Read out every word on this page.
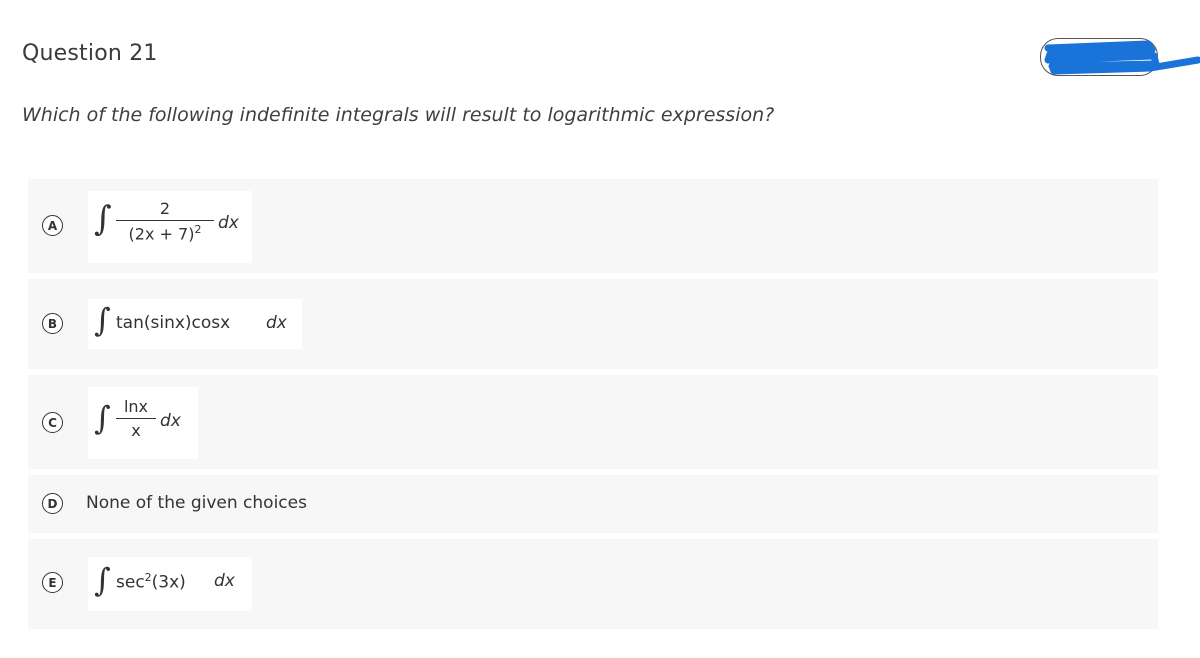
Question 21
Which of the following indefinite integrals will result to logarithmic expression?
A ∫	2
$(2x + 7)^2$ dx
B ∫ tan(sinx)cosx dx
C ∫ lnx
x	dx
D	None of the given choices
E ∫ $\sec^2(3x)$ dx
